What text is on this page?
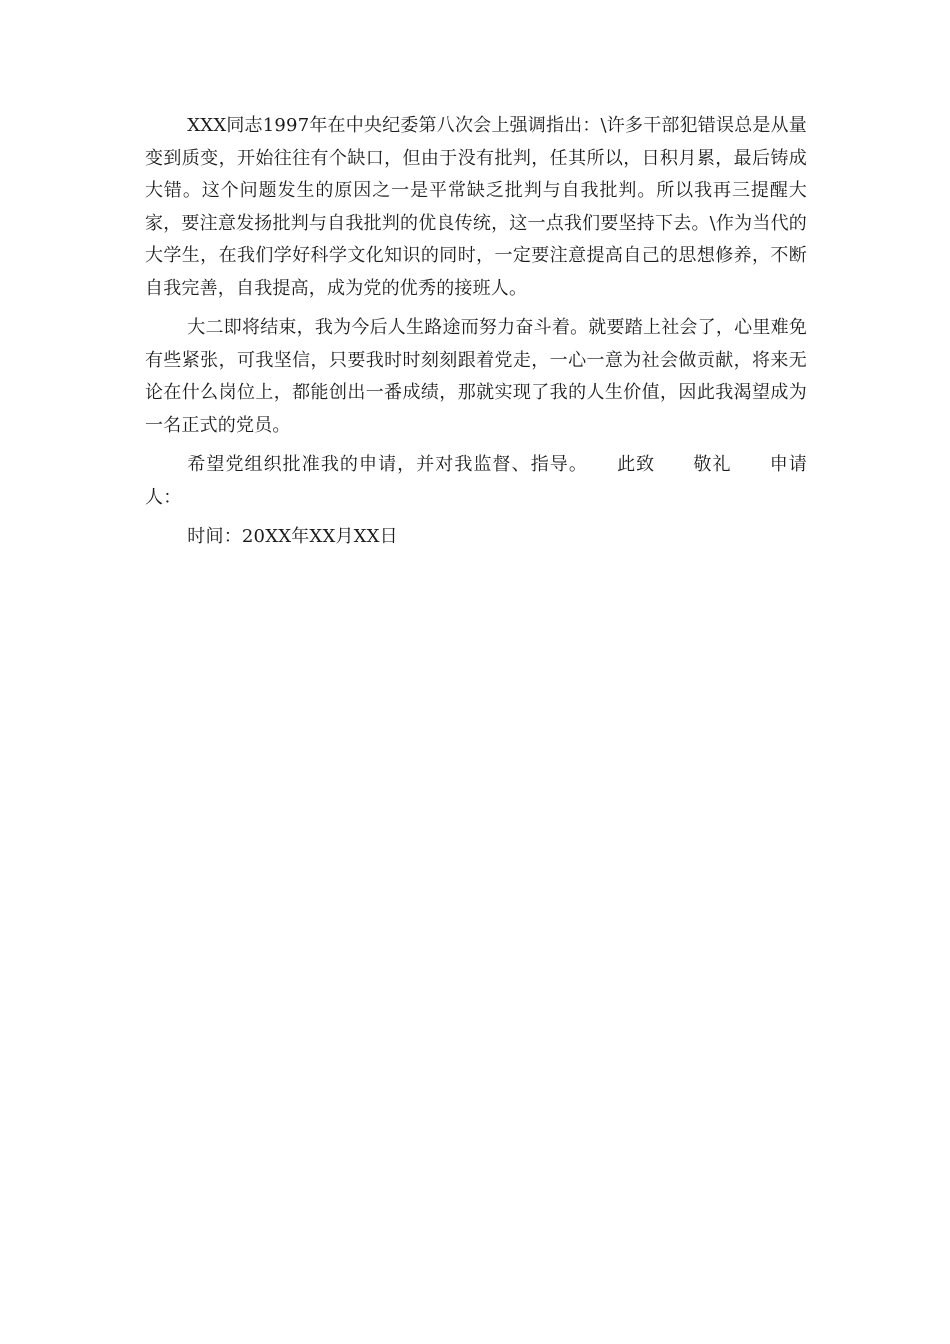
XXX同志1997年在中央纪委第八次会上强调指出：\许多干部犯错误总是从量变到质变，开始往往有个缺口，但由于没有批判，任其所以，日积月累，最后铸成大错。这个问题发生的原因之一是平常缺乏批判与自我批判。所以我再三提醒大家，要注意发扬批判与自我批判的优良传统，这一点我们要坚持下去。\作为当代的大学生，在我们学好科学文化知识的同时，一定要注意提高自己的思想修养，不断自我完善，自我提高，成为党的优秀的接班人。

大二即将结束，我为今后人生路途而努力奋斗着。就要踏上社会了，心里难免有些紧张，可我坚信，只要我时时刻刻跟着党走，一心一意为社会做贡献，将来无论在什么岗位上，都能创出一番成绩，那就实现了我的人生价值，因此我渴望成为一名正式的党员。

希望党组织批准我的申请，并对我监督、指导。　　此致　　敬礼　　申请人：

时间：20XX年XX月XX日
